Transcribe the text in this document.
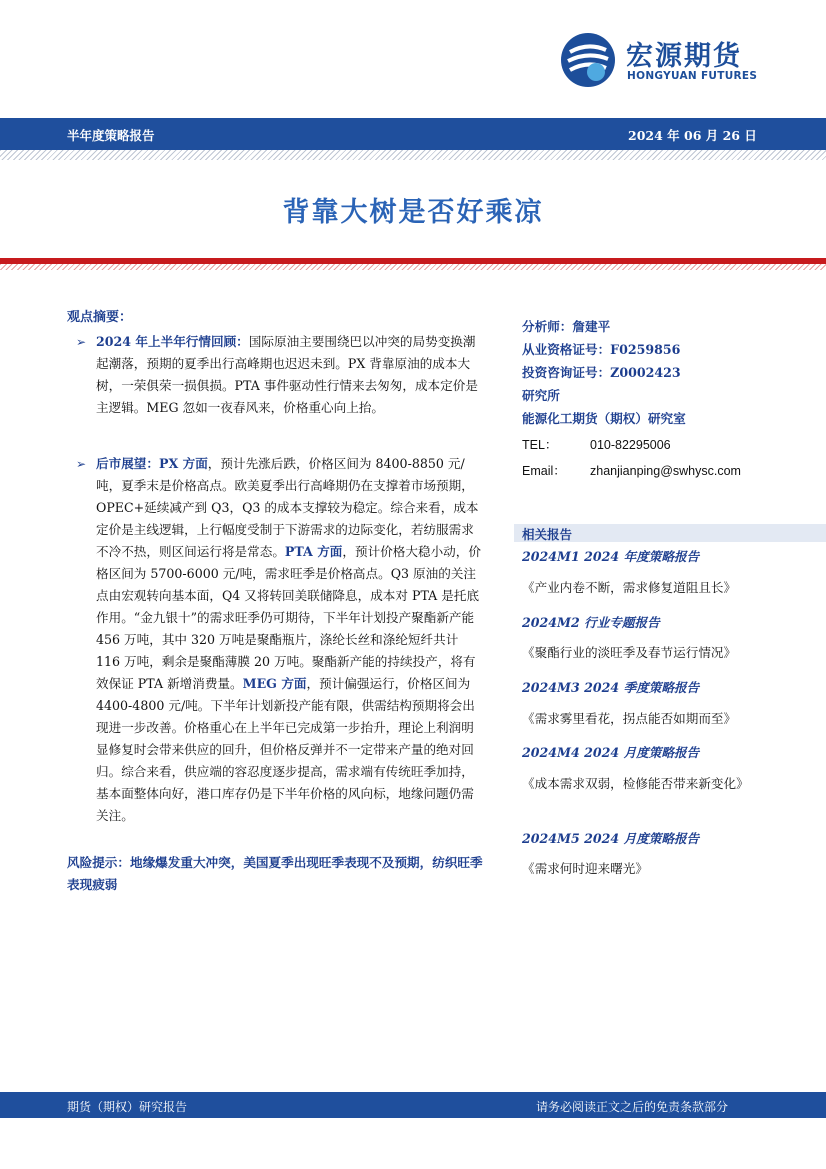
宏源期货
HONGYUAN FUTURES
半年度策略报告	2024 年 06 月 26 日
背靠大树是否好乘凉
观点摘要：
➢ 2024 年上半年行情回顾：国际原油主要围绕巴以冲突的局势变换潮起潮落，预期的夏季出行高峰期也迟迟未到。PX 背靠原油的成本大树，一荣俱荣一损俱损。PTA 事件驱动性行情来去匆匆，成本定价是主逻辑。MEG 忽如一夜春风来，价格重心向上抬。
➢ 后市展望：PX 方面，预计先涨后跌，价格区间为 8400-8850 元/吨，夏季末是价格高点。欧美夏季出行高峰期仍在支撑着市场预期，OPEC+延续减产到 Q3，Q3 的成本支撑较为稳定。综合来看，成本定价是主线逻辑，上行幅度受制于下游需求的边际变化，若纺服需求不冷不热，则区间运行将是常态。PTA 方面，预计价格大稳小动，价格区间为 5700-6000 元/吨，需求旺季是价格高点。Q3 原油的关注点由宏观转向基本面，Q4 又将转回美联储降息，成本对 PTA 是托底作用。“金九银十”的需求旺季仍可期待，下半年计划投产聚酯新产能 456 万吨，其中 320 万吨是聚酯瓶片，涤纶长丝和涤纶短纤共计 116 万吨，剩余是聚酯薄膜 20 万吨。聚酯新产能的持续投产，将有效保证 PTA 新增消费量。MEG 方面，预计偏强运行，价格区间为 4400-4800 元/吨。下半年计划新投产能有限，供需结构预期将会出现进一步改善。价格重心在上半年已完成第一步抬升，理论上利润明显修复时会带来供应的回升，但价格反弹并不一定带来产量的绝对回归。综合来看，供应端的容忍度逐步提高，需求端有传统旺季加持，基本面整体向好，港口库存仍是下半年价格的风向标，地缘问题仍需关注。
风险提示：地缘爆发重大冲突，美国夏季出现旺季表现不及预期，纺织旺季表现疲弱
分析师：詹建平
从业资格证号：F0259856
投资咨询证号：Z0002423
研究所
能源化工期货（期权）研究室
TEL：	010-82295006
Email： zhanjianping@swhysc.com
相关报告
2024M1 2024 年度策略报告
《产业内卷不断，需求修复道阻且长》
2024M2 行业专题报告
《聚酯行业的淡旺季及春节运行情况》
2024M3 2024 季度策略报告
《需求雾里看花，拐点能否如期而至》
2024M4 2024 月度策略报告
《成本需求双弱，检修能否带来新变化》
2024M5 2024 月度策略报告
《需求何时迎来曙光》
期货（期权）研究报告	请务必阅读正文之后的免责条款部分
